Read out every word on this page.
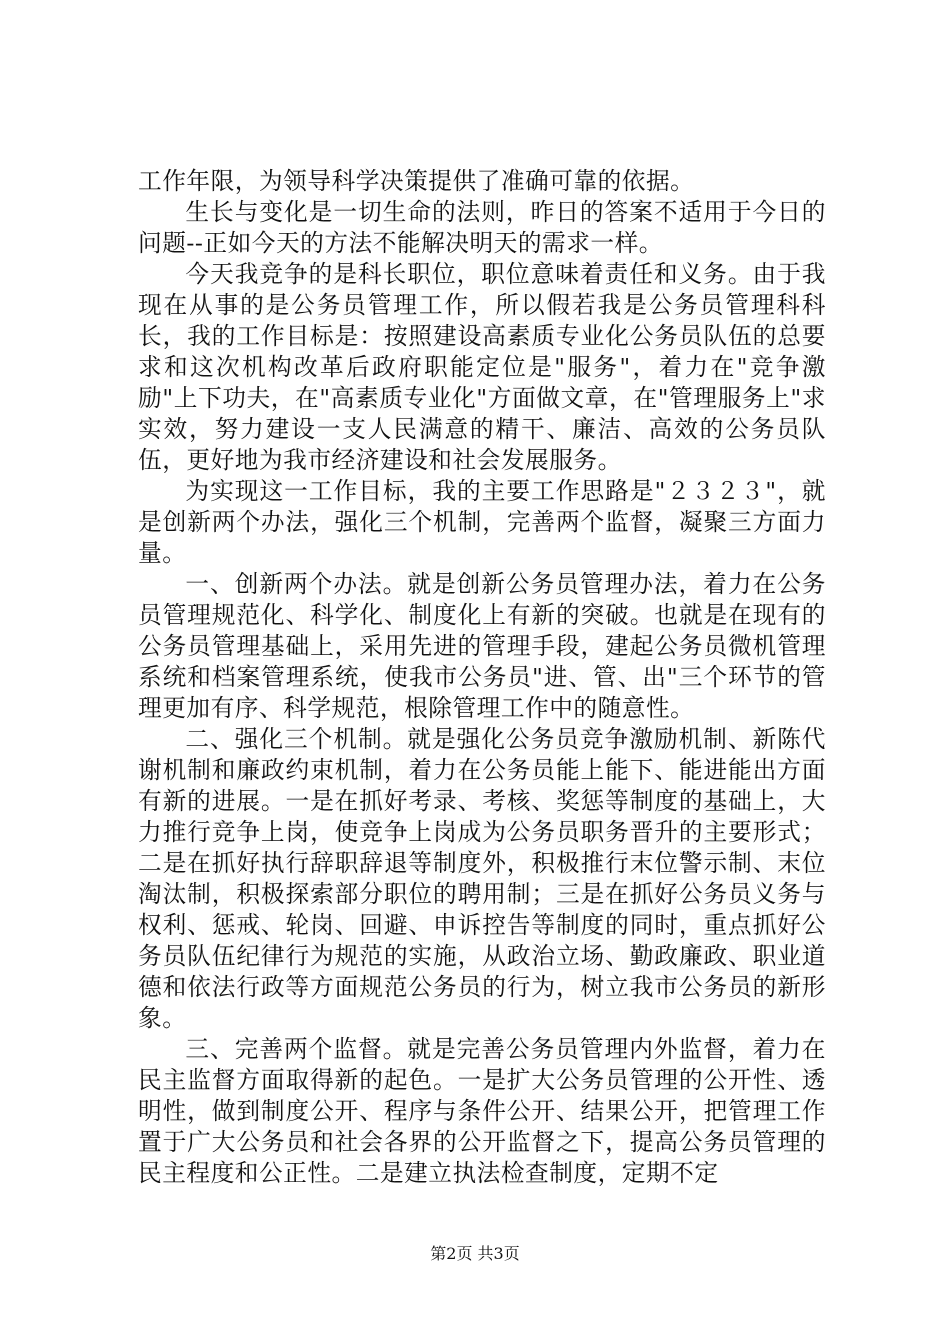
工作年限，为领导科学决策提供了准确可靠的依据。

生长与变化是一切生命的法则，昨日的答案不适用于今日的问题--正如今天的方法不能解决明天的需求一样。

今天我竞争的是科长职位，职位意味着责任和义务。由于我现在从事的是公务员管理工作，所以假若我是公务员管理科科长，我的工作目标是：按照建设高素质专业化公务员队伍的总要求和这次机构改革后政府职能定位是"服务"，着力在"竞争激励"上下功夫，在"高素质专业化"方面做文章，在"管理服务上"求实效，努力建设一支人民满意的精干、廉洁、高效的公务员队伍，更好地为我市经济建设和社会发展服务。

为实现这一工作目标，我的主要工作思路是"２３２３"，就是创新两个办法，强化三个机制，完善两个监督，凝聚三方面力量。

一、创新两个办法。就是创新公务员管理办法，着力在公务员管理规范化、科学化、制度化上有新的突破。也就是在现有的公务员管理基础上，采用先进的管理手段，建起公务员微机管理系统和档案管理系统，使我市公务员"进、管、出"三个环节的管理更加有序、科学规范，根除管理工作中的随意性。

二、强化三个机制。就是强化公务员竞争激励机制、新陈代谢机制和廉政约束机制，着力在公务员能上能下、能进能出方面有新的进展。一是在抓好考录、考核、奖惩等制度的基础上，大力推行竞争上岗，使竞争上岗成为公务员职务晋升的主要形式；二是在抓好执行辞职辞退等制度外，积极推行末位警示制、末位淘汰制，积极探索部分职位的聘用制；三是在抓好公务员义务与权利、惩戒、轮岗、回避、申诉控告等制度的同时，重点抓好公务员队伍纪律行为规范的实施，从政治立场、勤政廉政、职业道德和依法行政等方面规范公务员的行为，树立我市公务员的新形象。

三、完善两个监督。就是完善公务员管理内外监督，着力在民主监督方面取得新的起色。一是扩大公务员管理的公开性、透明性，做到制度公开、程序与条件公开、结果公开，把管理工作置于广大公务员和社会各界的公开监督之下，提高公务员管理的民主程度和公正性。二是建立执法检查制度，定期不定

第2页 共3页
